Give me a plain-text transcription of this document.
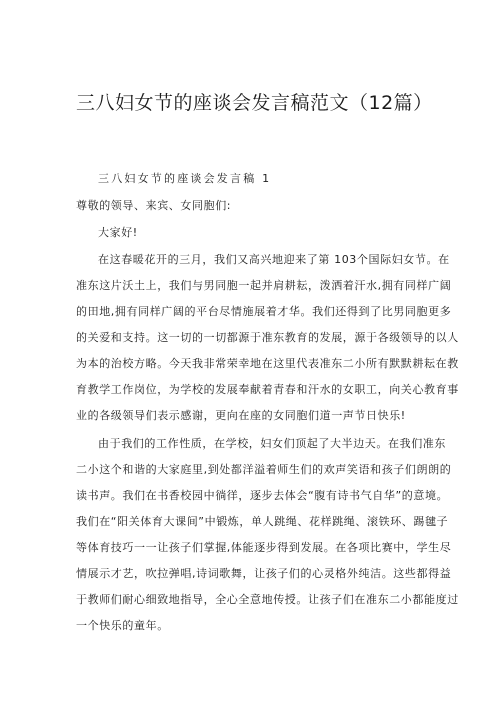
三八妇女节的座谈会发言稿范文（12篇）
三八妇女节的座谈会发言稿 1
尊敬的领导、来宾、女同胞们:
大家好!
在这春暖花开的三月，我们又高兴地迎来了第 103个国际妇女节。在
准东这片沃土上，我们与男同胞一起并肩耕耘，泼洒着汗水,拥有同样广阔
的田地,拥有同样广阔的平台尽情施展着才华。我们还得到了比男同胞更多
的关爱和支持。这一切的一切都源于准东教育的发展，源于各级领导的以人
为本的治校方略。今天我非常荣幸地在这里代表准东二小所有默默耕耘在教
育教学工作岗位，为学校的发展奉献着青春和汗水的女职工，向关心教育事
业的各级领导们表示感谢，更向在座的女同胞们道一声节日快乐!
由于我们的工作性质，在学校，妇女们顶起了大半边天。在我们准东
二小这个和谐的大家庭里,到处都洋溢着师生们的欢声笑语和孩子们朗朗的
读书声。我们在书香校园中徜徉，逐步去体会“腹有诗书气自华”的意境。
我们在“阳关体育大课间”中锻炼，单人跳绳、花样跳绳、滚铁环、踢毽子
等体育技巧一一让孩子们掌握,体能逐步得到发展。在各项比赛中，学生尽
情展示才艺，吹拉弹唱,诗词歌舞，让孩子们的心灵格外纯洁。这些都得益
于教师们耐心细致地指导，全心全意地传授。让孩子们在准东二小都能度过
一个快乐的童年。
